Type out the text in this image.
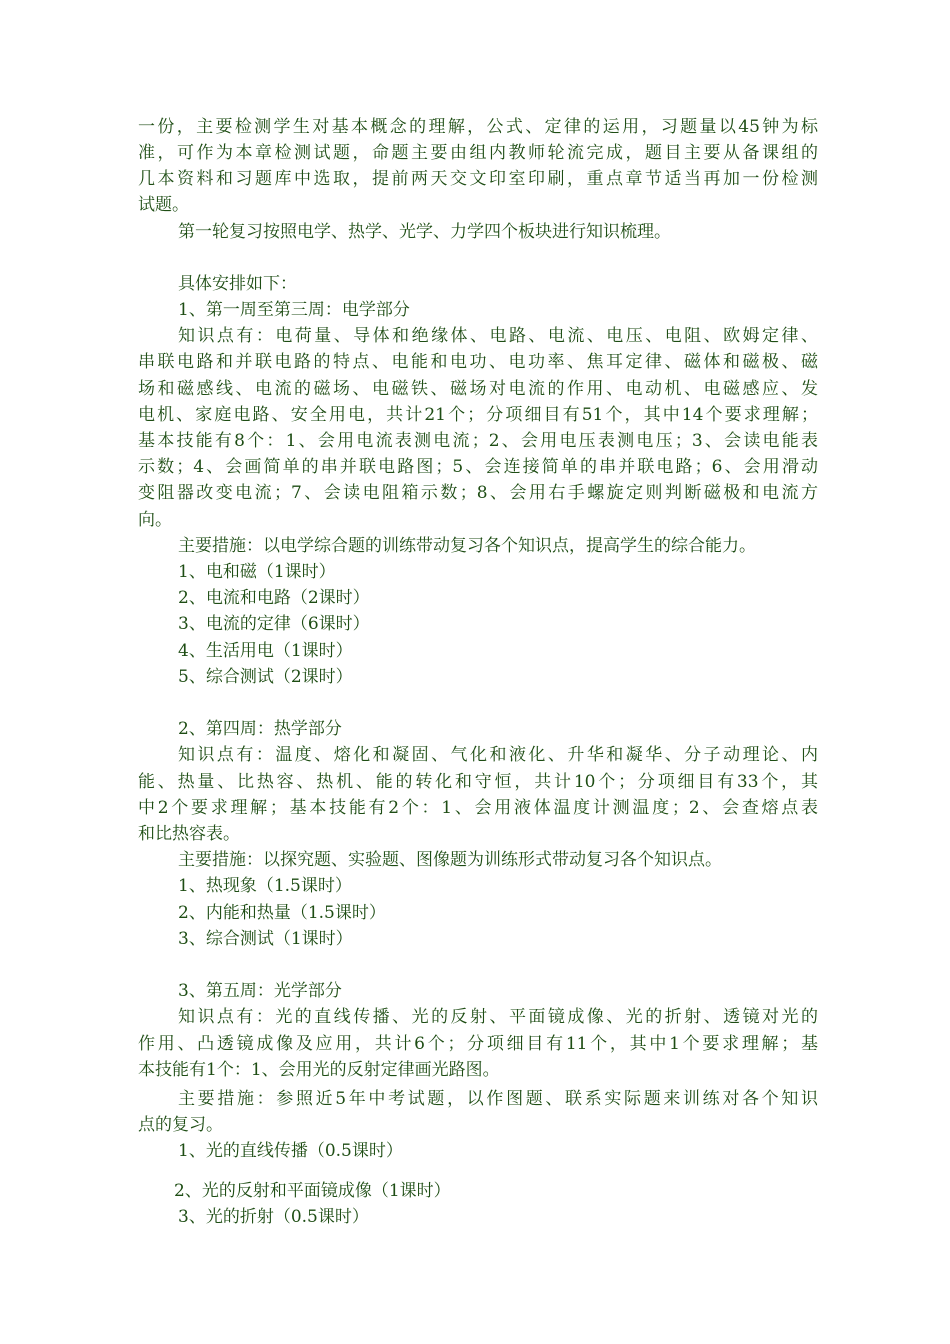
一份，主要检测学生对基本概念的理解，公式、定律的运用，习题量以45钟为标
准，可作为本章检测试题，命题主要由组内教师轮流完成，题目主要从备课组的
几本资料和习题库中选取，提前两天交文印室印刷，重点章节适当再加一份检测
试题。
第一轮复习按照电学、热学、光学、力学四个板块进行知识梳理。
具体安排如下：
1、第一周至第三周：电学部分
知识点有：电荷量、导体和绝缘体、电路、电流、电压、电阻、欧姆定律、
串联电路和并联电路的特点、电能和电功、电功率、焦耳定律、磁体和磁极、磁
场和磁感线、电流的磁场、电磁铁、磁场对电流的作用、电动机、电磁感应、发
电机、家庭电路、安全用电，共计21个；分项细目有51个，其中14个要求理解；
基本技能有8个：1、会用电流表测电流；2、会用电压表测电压；3、会读电能表
示数；4、会画简单的串并联电路图；5、会连接简单的串并联电路；6、会用滑动
变阻器改变电流；7、会读电阻箱示数；8、会用右手螺旋定则判断磁极和电流方
向。
主要措施：以电学综合题的训练带动复习各个知识点，提高学生的综合能力。
1、电和磁（1课时）
2、电流和电路（2课时）
3、电流的定律（6课时）
4、生活用电（1课时）
5、综合测试（2课时）
2、第四周：热学部分
知识点有：温度、熔化和凝固、气化和液化、升华和凝华、分子动理论、内
能、热量、比热容、热机、能的转化和守恒，共计10个；分项细目有33个，其
中2个要求理解；基本技能有2个：1、会用液体温度计测温度；2、会查熔点表
和比热容表。
主要措施：以探究题、实验题、图像题为训练形式带动复习各个知识点。
1、热现象（1.5课时）
2、内能和热量（1.5课时）
3、综合测试（1课时）
3、第五周：光学部分
知识点有：光的直线传播、光的反射、平面镜成像、光的折射、透镜对光的
作用、凸透镜成像及应用，共计6个；分项细目有11个，其中1个要求理解；基
本技能有1个：1、会用光的反射定律画光路图。
主要措施：参照近5年中考试题，以作图题、联系实际题来训练对各个知识
点的复习。
1、光的直线传播（0.5课时）
2、光的反射和平面镜成像（1课时）
3、光的折射（0.5课时）
